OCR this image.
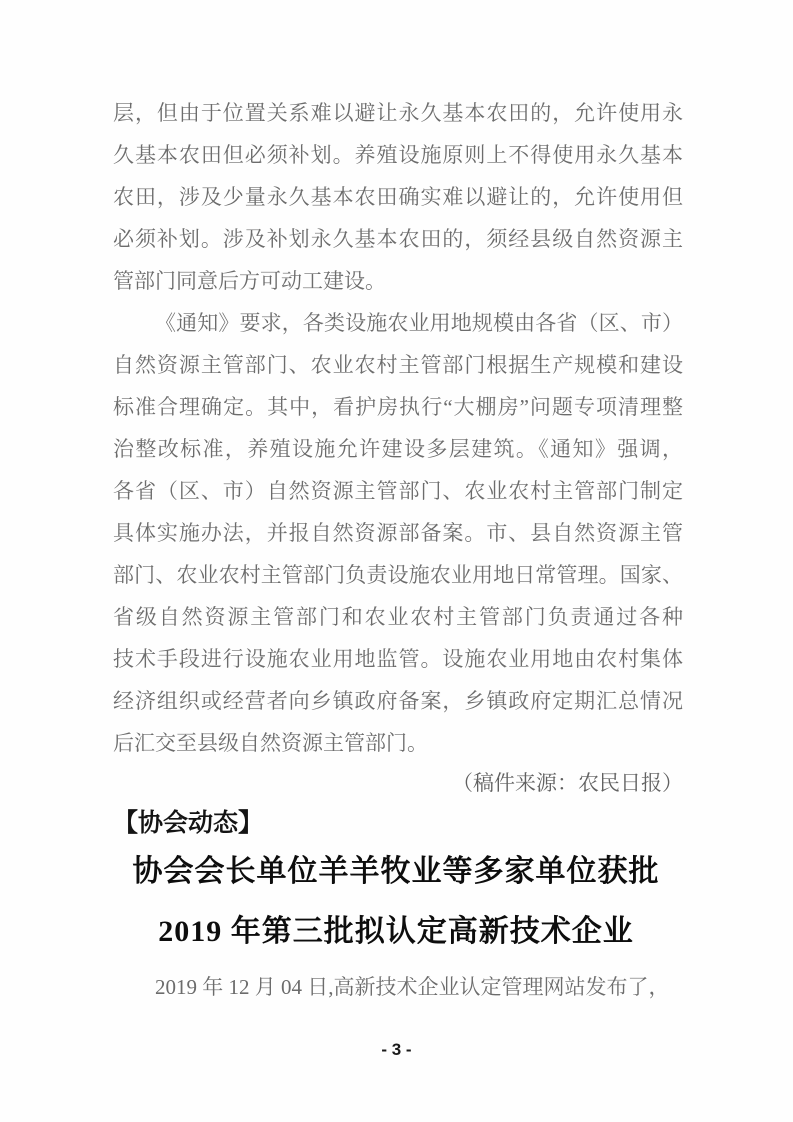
层，但由于位置关系难以避让永久基本农田的，允许使用永
久基本农田但必须补划。养殖设施原则上不得使用永久基本
农田，涉及少量永久基本农田确实难以避让的，允许使用但
必须补划。涉及补划永久基本农田的，须经县级自然资源主
管部门同意后方可动工建设。
《通知》要求，各类设施农业用地规模由各省（区、市）
自然资源主管部门、农业农村主管部门根据生产规模和建设
标准合理确定。其中，看护房执行“大棚房”问题专项清理整
治整改标准，养殖设施允许建设多层建筑。《通知》强调，
各省（区、市）自然资源主管部门、农业农村主管部门制定
具体实施办法，并报自然资源部备案。市、县自然资源主管
部门、农业农村主管部门负责设施农业用地日常管理。国家、
省级自然资源主管部门和农业农村主管部门负责通过各种
技术手段进行设施农业用地监管。设施农业用地由农村集体
经济组织或经营者向乡镇政府备案，乡镇政府定期汇总情况
后汇交至县级自然资源主管部门。
（稿件来源：农民日报）
【协会动态】
协会会长单位羊羊牧业等多家单位获批
2019 年第三批拟认定高新技术企业
2019 年 12 月 04 日,高新技术企业认定管理网站发布了，
- 3 -
